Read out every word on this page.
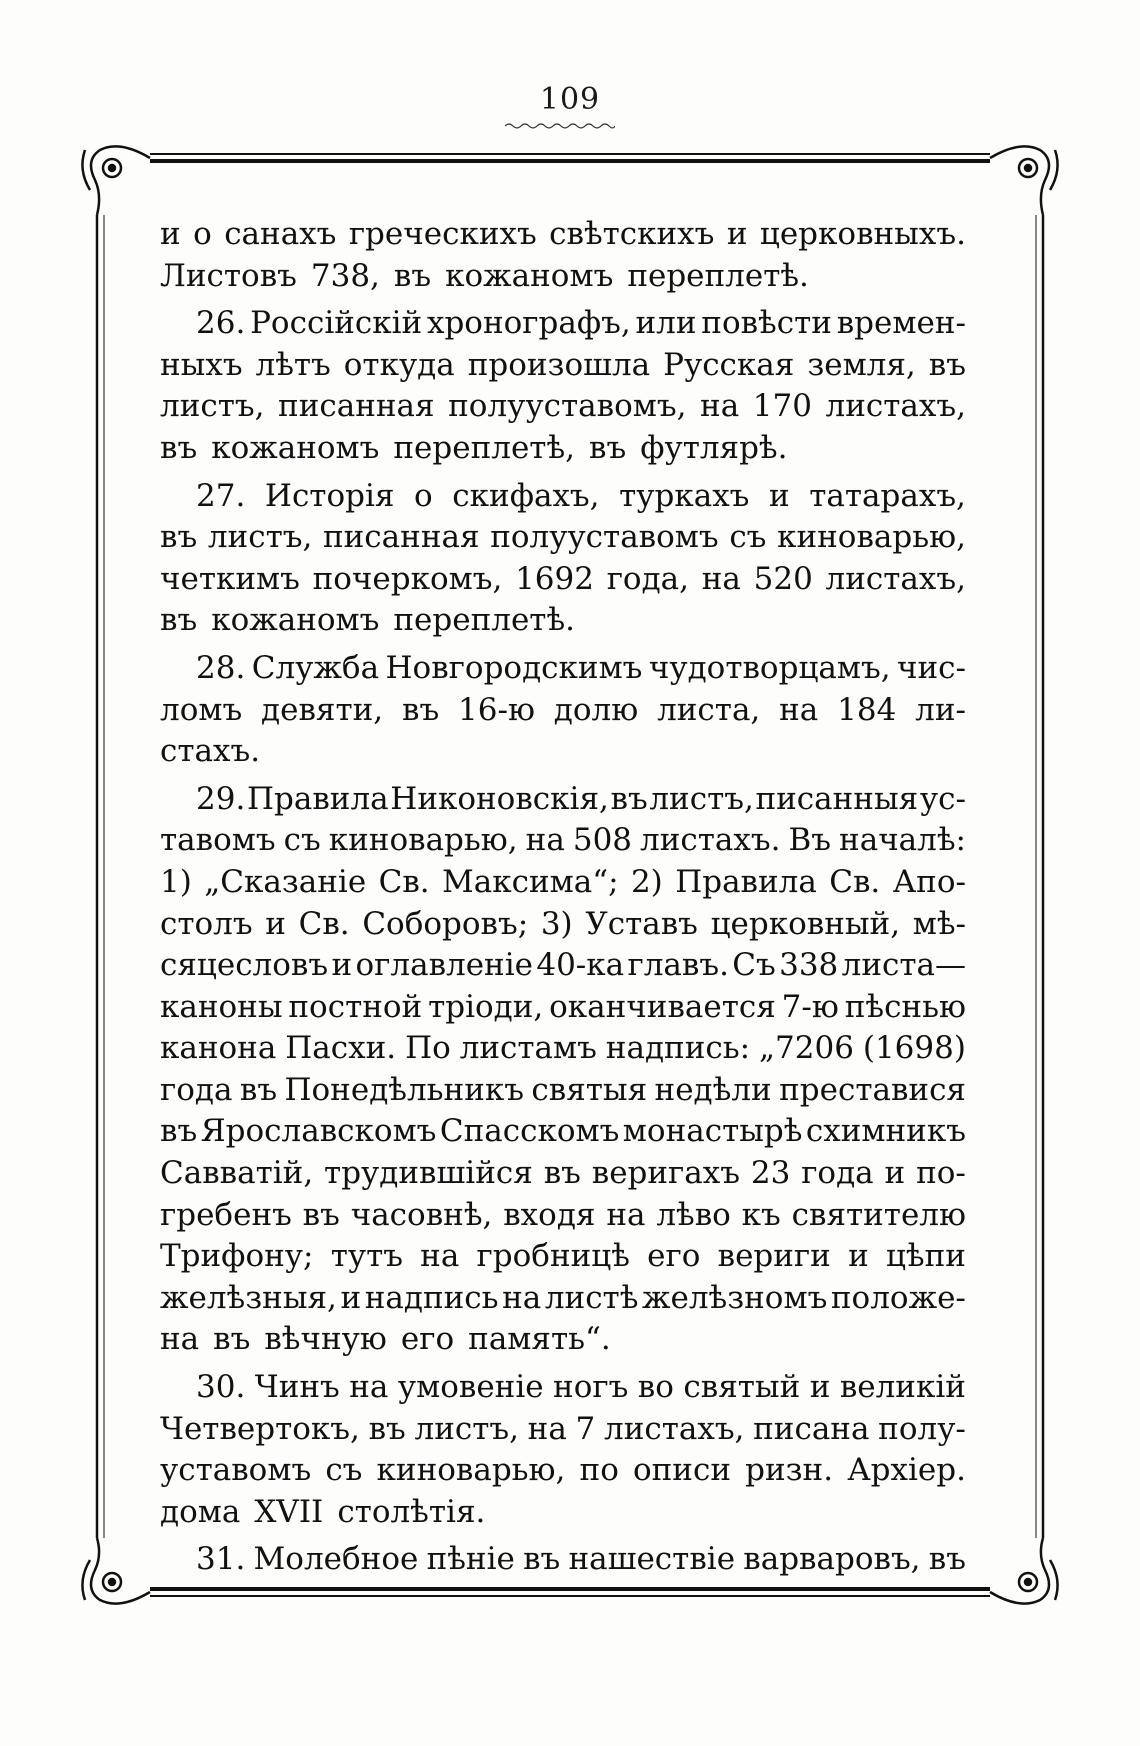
109
и о санахъ греческихъ свѣтскихъ и церковныхъ.
Листовъ 738, въ кожаномъ переплетѣ.
26. Россiйскiй хронографъ, или повѣсти времен-
ныхъ лѣтъ откуда произошла Русская земля, въ
листъ, писанная полууставомъ, на 170 листахъ,
въ кожаномъ переплетѣ, въ футлярѣ.
27. Исторiя о скифахъ, туркахъ и татарахъ,
въ листъ, писанная полууставомъ съ киноварью,
четкимъ почеркомъ, 1692 года, на 520 листахъ,
въ кожаномъ переплетѣ.
28. Служба Новгородскимъ чудотворцамъ, чис-
ломъ девяти, въ 16-ю долю листа, на 184 ли-
стахъ.
29. Правила Никоновскiя, въ листъ, писанныя ус-
тавомъ съ киноварью, на 508 листахъ. Въ началѣ:
1) „Сказанiе Св. Максима“; 2) Правила Св. Апо-
столъ и Св. Соборовъ; 3) Уставъ церковный, мѣ-
сяцесловъ и оглавленiе 40-ка главъ. Съ 338 листа—
каноны постной трiоди, оканчивается 7-ю пѣснью
канона Пасхи. По листамъ надпись: „7206 (1698)
года въ Понедѣльникъ святыя недѣли преставися
въ Ярославскомъ Спасскомъ монастырѣ схимникъ
Савватiй, трудившiйся въ веригахъ 23 года и по-
гребенъ въ часовнѣ, входя на лѣво къ святителю
Трифону; тутъ на гробницѣ его вериги и цѣпи
желѣзныя, и надпись на листѣ желѣзномъ положе-
на въ вѣчную его память“.
30. Чинъ на умовенiе ногъ во святый и великiй
Четвертокъ, въ листъ, на 7 листахъ, писана полу-
уставомъ съ киноварью, по описи ризн. Архiер.
дома XVII столѣтiя.
31. Молебное пѣнiе въ нашествiе варваровъ, въ
